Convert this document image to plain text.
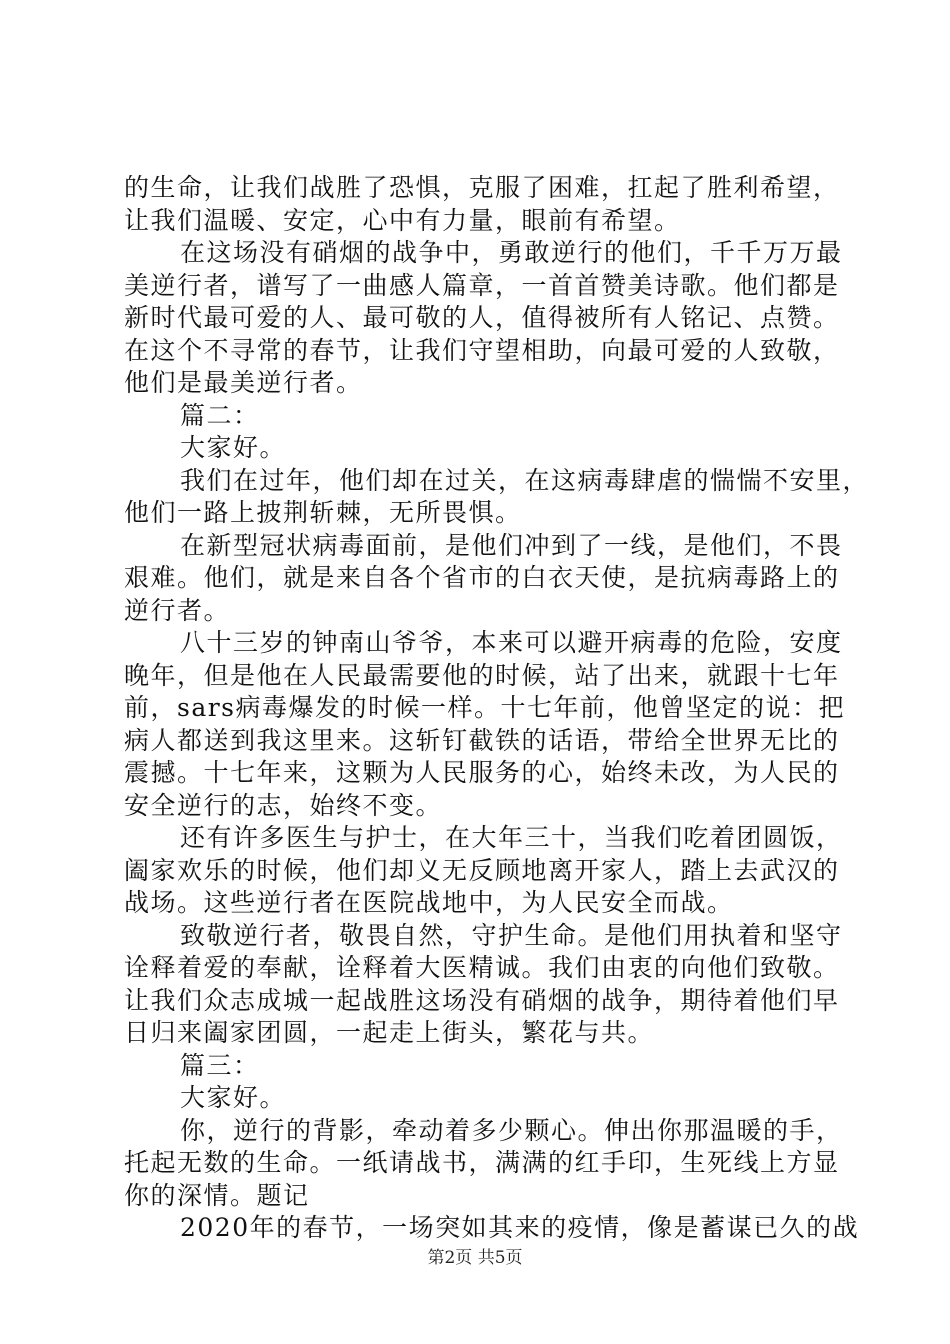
的生命，让我们战胜了恐惧，克服了困难，扛起了胜利希望，
让我们温暖、安定，心中有力量，眼前有希望。
在这场没有硝烟的战争中，勇敢逆行的他们，千千万万最
美逆行者，谱写了一曲感人篇章，一首首赞美诗歌。他们都是
新时代最可爱的人、最可敬的人，值得被所有人铭记、点赞。
在这个不寻常的春节，让我们守望相助，向最可爱的人致敬，
他们是最美逆行者。
篇二：
大家好。
我们在过年，他们却在过关，在这病毒肆虐的惴惴不安里，
他们一路上披荆斩棘，无所畏惧。
在新型冠状病毒面前，是他们冲到了一线，是他们，不畏
艰难。他们，就是来自各个省市的白衣天使，是抗病毒路上的
逆行者。
八十三岁的钟南山爷爷，本来可以避开病毒的危险，安度
晚年，但是他在人民最需要他的时候，站了出来，就跟十七年
前，sars病毒爆发的时候一样。十七年前，他曾坚定的说：把
病人都送到我这里来。这斩钉截铁的话语，带给全世界无比的
震撼。十七年来，这颗为人民服务的心，始终未改，为人民的
安全逆行的志，始终不变。
还有许多医生与护士，在大年三十，当我们吃着团圆饭，
阖家欢乐的时候，他们却义无反顾地离开家人，踏上去武汉的
战场。这些逆行者在医院战地中，为人民安全而战。
致敬逆行者，敬畏自然，守护生命。是他们用执着和坚守
诠释着爱的奉献，诠释着大医精诚。我们由衷的向他们致敬。
让我们众志成城一起战胜这场没有硝烟的战争，期待着他们早
日归来阖家团圆，一起走上街头，繁花与共。
篇三：
大家好。
你，逆行的背影，牵动着多少颗心。伸出你那温暖的手，
托起无数的生命。一纸请战书，满满的红手印，生死线上方显
你的深情。题记
2020年的春节，一场突如其来的疫情，像是蓄谋已久的战
第2页 共5页
